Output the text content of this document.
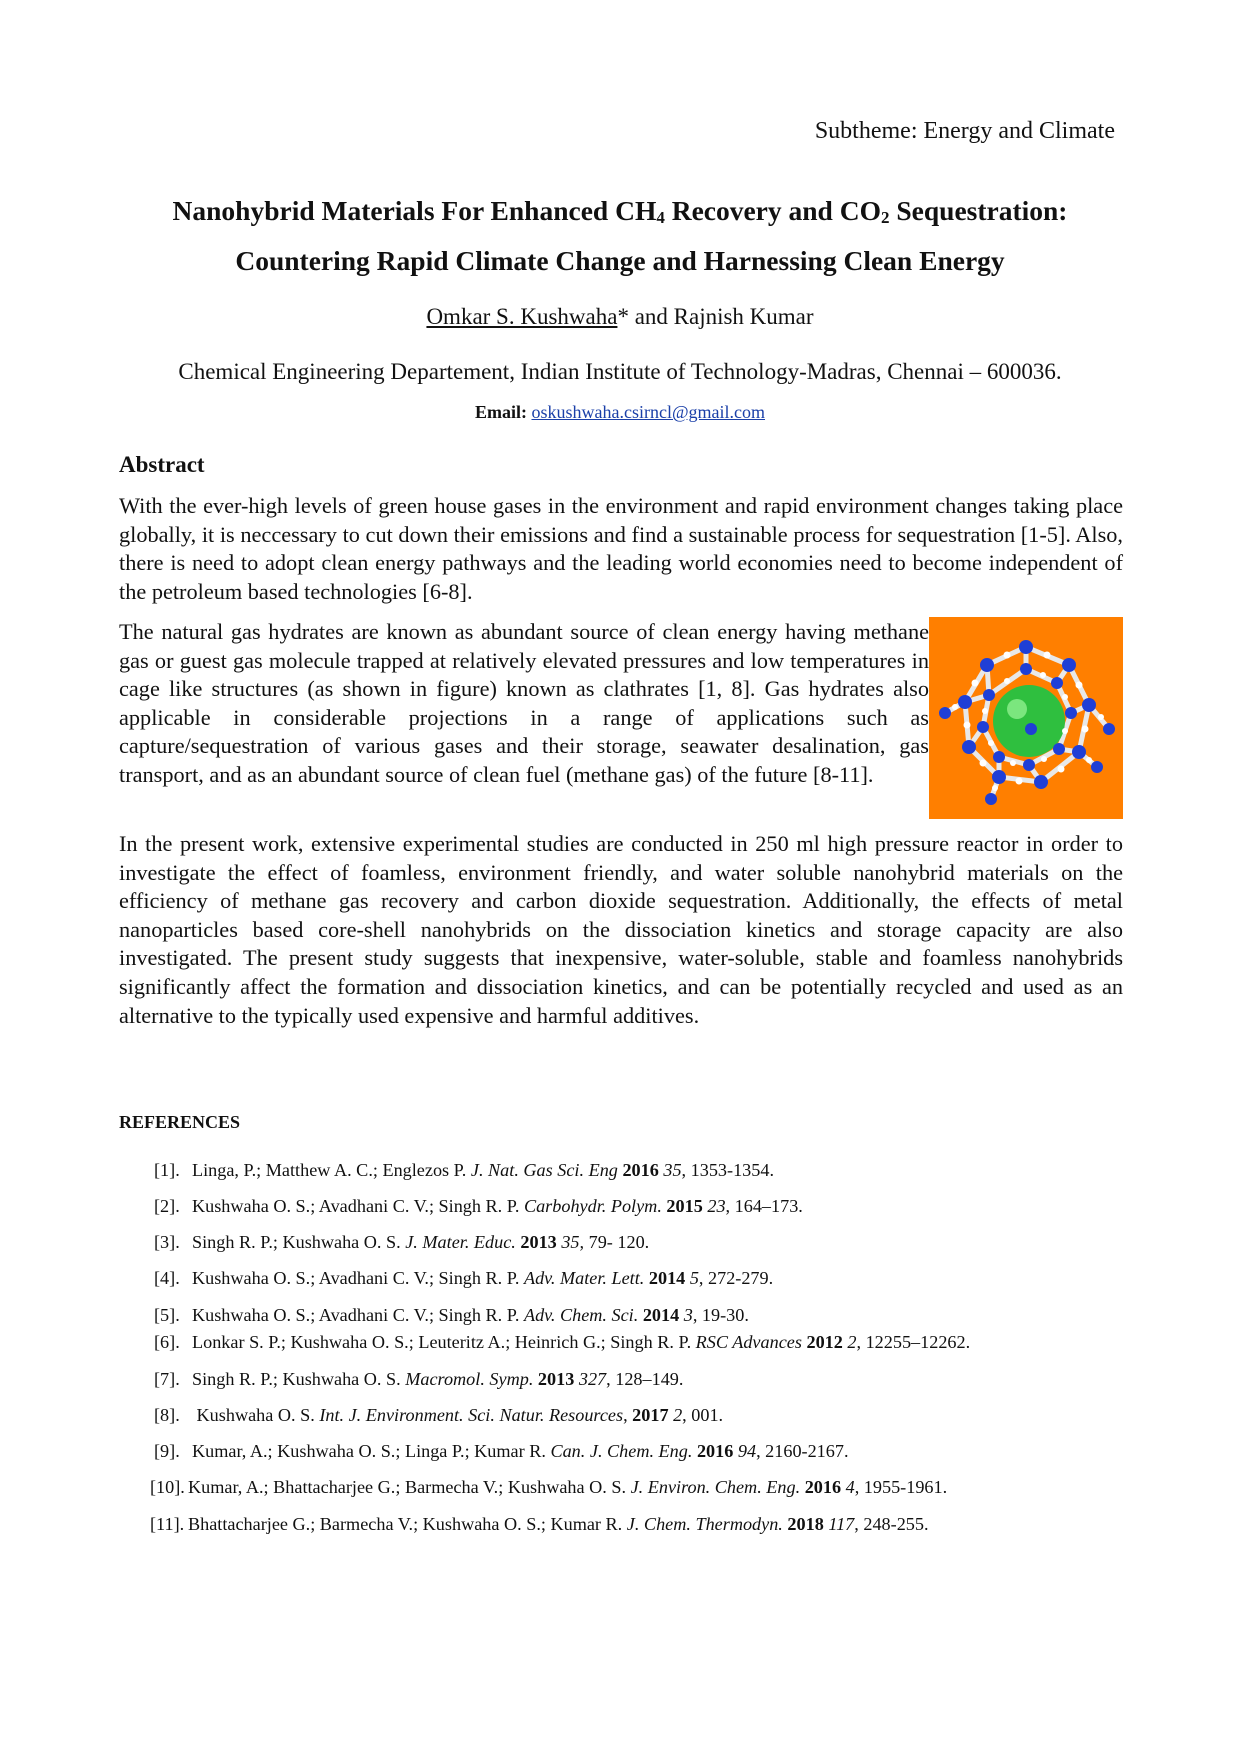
Subtheme: Energy and Climate
Nanohybrid Materials For Enhanced $CH_4$ Recovery and $CO_2$ Sequestration:
Countering Rapid Climate Change and Harnessing Clean Energy
Omkar S. Kushwaha* and Rajnish Kumar
Chemical Engineering Departement, Indian Institute of Technology-Madras, Chennai – 600036.
Email: oskushwaha.csirncl@gmail.com
Abstract
With the ever-high levels of green house gases in the environment and rapid environment changes taking place globally, it is neccessary to cut down their emissions and find a sustainable process for sequestration [1-5]. Also, there is need to adopt clean energy pathways and the leading world economies need to become independent of the petroleum based technologies [6-8].
The natural gas hydrates are known as abundant source of clean energy having methane gas or guest gas molecule trapped at relatively elevated pressures and low temperatures in cage like structures (as shown in figure) known as clathrates [1, 8]. Gas hydrates also applicable in considerable projections in a range of applications such as capture/sequestration of various gases and their storage, seawater desalination, gas transport, and as an abundant source of clean fuel (methane gas) of the future [8-11].
In the present work, extensive experimental studies are conducted in 250 ml high pressure reactor in order to investigate the effect of foamless, environment friendly, and water soluble nanohybrid materials on the efficiency of methane gas recovery and carbon dioxide sequestration. Additionally, the effects of metal nanoparticles based core-shell nanohybrids on the dissociation kinetics and storage capacity are also investigated. The present study suggests that inexpensive, water-soluble, stable and foamless nanohybrids significantly affect the formation and dissociation kinetics, and can be potentially recycled and used as an alternative to the typically used expensive and harmful additives.
REFERENCES
[1]. Linga, P.; Matthew A. C.; Englezos P. J. Nat. Gas Sci. Eng 2016 35, 1353-1354.
[2]. Kushwaha O. S.; Avadhani C. V.; Singh R. P. Carbohydr. Polym. 2015 23, 164–173.
[3]. Singh R. P.; Kushwaha O. S. J. Mater. Educ. 2013 35, 79- 120.
[4]. Kushwaha O. S.; Avadhani C. V.; Singh R. P. Adv. Mater. Lett. 2014 5, 272-279.
[5]. Kushwaha O. S.; Avadhani C. V.; Singh R. P. Adv. Chem. Sci. 2014 3, 19-30.
[6]. Lonkar S. P.; Kushwaha O. S.; Leuteritz A.; Heinrich G.; Singh R. P. RSC Advances 2012 2, 12255–12262.
[7]. Singh R. P.; Kushwaha O. S. Macromol. Symp. 2013 327, 128–149.
[8]. Kushwaha O. S. Int. J. Environment. Sci. Natur. Resources, 2017 2, 001.
[9]. Kumar, A.; Kushwaha O. S.; Linga P.; Kumar R. Can. J. Chem. Eng. 2016 94, 2160-2167.
[10]. Kumar, A.; Bhattacharjee G.; Barmecha V.; Kushwaha O. S. J. Environ. Chem. Eng. 2016 4, 1955-1961.
[11]. Bhattacharjee G.; Barmecha V.; Kushwaha O. S.; Kumar R. J. Chem. Thermodyn. 2018 117, 248-255.
